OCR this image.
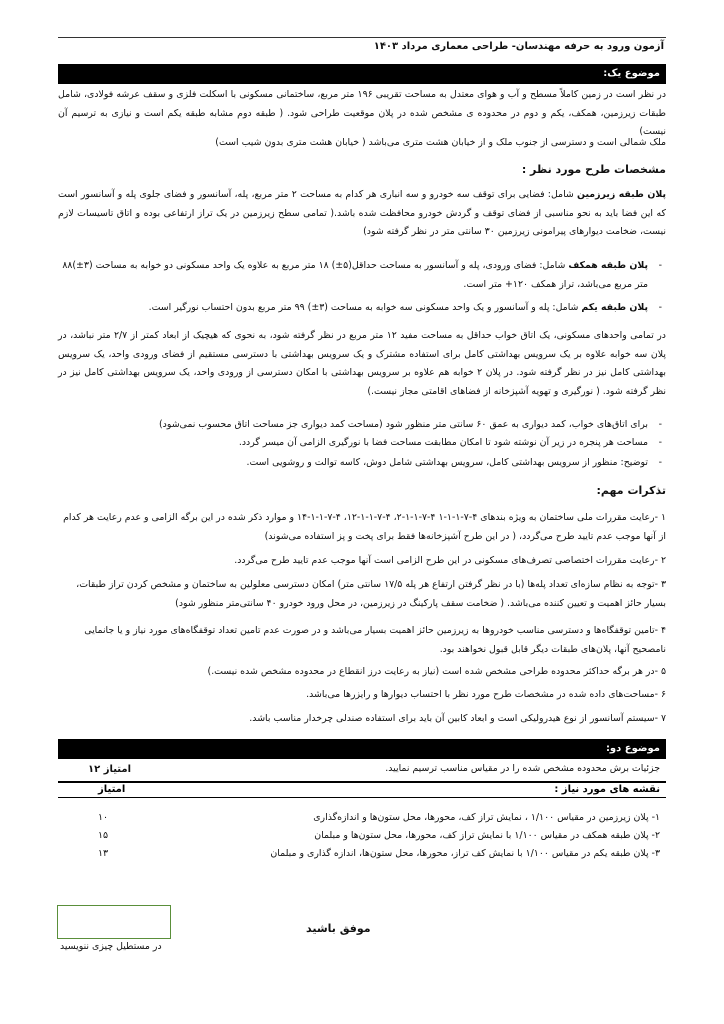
آزمون ورود به حرفه مهندسان- طراحی معماری مرداد ۱۴۰۳
موضوع یک:
در نظر است در زمین کاملاً مسطح و آب و هوای معتدل به مساحت تقریبی ۱۹۶ متر مربع، ساختمانی مسکونی با اسکلت فلزی و سقف عرشه فولادی، شامل طبقات زیرزمین، همکف، یکم و دوم در محدوده ی مشخص شده در پلان موقعیت طراحی شود. ( طبقه دوم مشابه طبقه یکم است و نیازی به ترسیم آن نیست)
ملک شمالی است و دسترسی از جنوب ملک و از خیابان هشت متری می‌باشد ( خیابان هشت متری بدون شیب است)
مشخصات طرح مورد نظر :
پلان طبقه زیرزمین شامل: فضایی برای توقف سه خودرو و سه انباری هر کدام به مساحت ۲ متر مربع، پله، آسانسور و فضای جلوی پله و آسانسور است که این فضا باید به نحو مناسبی از فضای توقف و گردش خودرو محافظت شده باشد.( تمامی سطح زیرزمین در یک تراز ارتفاعی بوده و اتاق تاسیسات لازم نیست، ضخامت دیوارهای پیرامونی زیرزمین ۳۰ سانتی متر در نظر گرفته شود)
- پلان طبقه همکف شامل: فضای ورودی، پله و آسانسور به مساحت حداقل(۵±) ۱۸ متر مربع به علاوه یک واحد مسکونی دو خوابه به مساحت (۳±)۸۸ متر مربع می‌باشد، تراز همکف ۱۲۰+ متر است.
- پلان طبقه یکم شامل: پله و آسانسور و یک واحد مسکونی سه خوابه به مساحت (۳±) ۹۹ متر مربع بدون احتساب نورگیر است.
در تمامی واحدهای مسکونی، یک اتاق خواب حداقل به مساحت مفید ۱۲ متر مربع در نظر گرفته شود، به نحوی که هیچیک از ابعاد کمتر از ۲/۷ متر نباشد، در پلان سه خوابه علاوه بر یک سرویس بهداشتی کامل برای استفاده مشترک و یک سرویس بهداشتی با دسترسی مستقیم از فضای ورودی واحد، یک سرویس بهداشتی کامل نیز در نظر گرفته شود. در پلان ۲ خوابه هم علاوه بر سرویس بهداشتی با امکان دسترسی از ورودی واحد، یک سرویس بهداشتی کامل نیز در نظر گرفته شود. ( نورگیری و تهویه آشپزخانه از فضاهای اقامتی مجاز نیست.)
- برای اتاق‌های خواب، کمد دیواری به عمق ۶۰ سانتی متر منظور شود (مساحت کمد دیواری جز مساحت اتاق محسوب نمی‌شود)
- مساحت هر پنجره در زیر آن نوشته شود تا امکان مطابقت مساحت فضا با نورگیری الزامی آن میسر گردد.
- توضیح: منظور از سرویس بهداشتی کامل، سرویس بهداشتی شامل دوش، کاسه توالت و روشویی است.
تذکرات مهم:
۱ -رعایت مقررات ملی ساختمان به ویژه بندهای ۴-۷-۱-۱-۱ ۴-۷-۱-۱-۲، ۴-۷-۱-۱-۱۲، ۴-۷-۱-۱-۱۴ و موارد ذکر شده در این برگه الزامی و عدم رعایت هر کدام از آنها موجب عدم تایید طرح می‌گردد، ( در این طرح آشپزخانه‌ها فقط برای پخت و پز استفاده می‌شوند)
۲ -رعایت مقررات اختصاصی تصرف‌های مسکونی در این طرح الزامی است آنها موجب عدم تایید طرح می‌گردد.
۳ -توجه به نظام سازه‌ای تعداد پله‌ها (با در نظر گرفتن ارتفاع هر پله ۱۷/۵ سانتی متر) امکان دسترسی معلولین به ساختمان و مشخص کردن تراز طبقات، بسیار حائز اهمیت و تعیین کننده می‌باشد. ( ضخامت سقف پارکینگ در زیرزمین، در محل ورود خودرو ۴۰ سانتی‌متر منظور شود)
۴ -تامین توقفگاه‌ها و دسترسی مناسب خودروها به زیرزمین حائز اهمیت بسیار می‌باشد و در صورت عدم تامین تعداد توقفگاه‌های مورد نیاز و یا جانمایی نامصحیح آنها، پلان‌های طبقات دیگر قابل قبول نخواهند بود.
۵ -در هر برگه حداکثر محدوده طراحی مشخص شده است (نیاز به رعایت درز انقطاع در محدوده مشخص شده نیست.)
۶ -مساحت‌های داده شده در مشخصات طرح مورد نظر با احتساب دیوارها و رایزرها می‌باشد.
۷ -سیستم آسانسور از نوع هیدرولیکی است و ابعاد کابین آن باید برای استفاده صندلی چرخدار مناسب باشد.
موضوع دو:
جزئیات برش محدوده مشخص شده را در مقیاس مناسب ترسیم نمایید.
۱۲ امتیاز
نقشه های مورد نیاز :
امتیاز
۱- پلان زیرزمین در مقیاس ۱/۱۰۰ ، نمایش تراز کف، محورها، محل ستون‌ها و اندازه‌گذاری
۱۰
۲- پلان طبقه همکف در مقیاس ۱/۱۰۰ با نمایش تراز کف، محورها، محل ستون‌ها و مبلمان
۱۵
۳- پلان طبقه یکم در مقیاس ۱/۱۰۰ با نمایش کف تراز، محورها، محل ستون‌ها، اندازه گذاری و مبلمان
۱۳
در مستطیل چیزی ننویسید
موفق باشید
